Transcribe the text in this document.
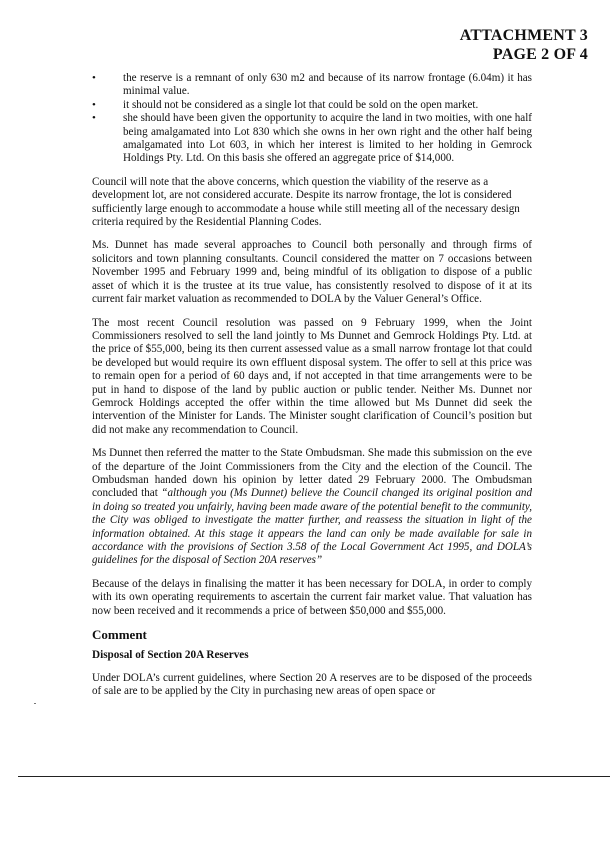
ATTACHMENT 3
PAGE 2 OF 4
• the reserve is a remnant of only 630 m2 and because of its narrow frontage (6.04m) it has minimal value.
• it should not be considered as a single lot that could be sold on the open market.
• she should have been given the opportunity to acquire the land in two moities, with one half being amalgamated into Lot 830 which she owns in her own right and the other half being amalgamated into Lot 603, in which her interest is limited to her holding in Gemrock Holdings Pty. Ltd. On this basis she offered an aggregate price of $14,000.

Council will note that the above concerns, which question the viability of the reserve as a development lot, are not considered accurate. Despite its narrow frontage, the lot is considered sufficiently large enough to accommodate a house while still meeting all of the necessary design criteria required by the Residential Planning Codes.

Ms. Dunnet has made several approaches to Council both personally and through firms of solicitors and town planning consultants. Council considered the matter on 7 occasions between November 1995 and February 1999 and, being mindful of its obligation to dispose of a public asset of which it is the trustee at its true value, has consistently resolved to dispose of it at its current fair market valuation as recommended to DOLA by the Valuer General’s Office.

The most recent Council resolution was passed on 9 February 1999, when the Joint Commissioners resolved to sell the land jointly to Ms Dunnet and Gemrock Holdings Pty. Ltd. at the price of $55,000, being its then current assessed value as a small narrow frontage lot that could be developed but would require its own effluent disposal system. The offer to sell at this price was to remain open for a period of 60 days and, if not accepted in that time arrangements were to be put in hand to dispose of the land by public auction or public tender. Neither Ms. Dunnet nor Gemrock Holdings accepted the offer within the time allowed but Ms Dunnet did seek the intervention of the Minister for Lands. The Minister sought clarification of Council’s position but did not make any recommendation to Council.

Ms Dunnet then referred the matter to the State Ombudsman. She made this submission on the eve of the departure of the Joint Commissioners from the City and the election of the Council. The Ombudsman handed down his opinion by letter dated 29 February 2000. The Ombudsman concluded that “although you (Ms Dunnet) believe the Council changed its original position and in doing so treated you unfairly, having been made aware of the potential benefit to the community, the City was obliged to investigate the matter further, and reassess the situation in light of the information obtained. At this stage it appears the land can only be made available for sale in accordance with the provisions of Section 3.58 of the Local Government Act 1995, and DOLA’s guidelines for the disposal of Section 20A reserves”

Because of the delays in finalising the matter it has been necessary for DOLA, in order to comply with its own operating requirements to ascertain the current fair market value. That valuation has now been received and it recommends a price of between $50,000 and $55,000.

Comment
Disposal of Section 20A Reserves

Under DOLA’s current guidelines, where Section 20 A reserves are to be disposed of the proceeds of sale are to be applied by the City in purchasing new areas of open space or
